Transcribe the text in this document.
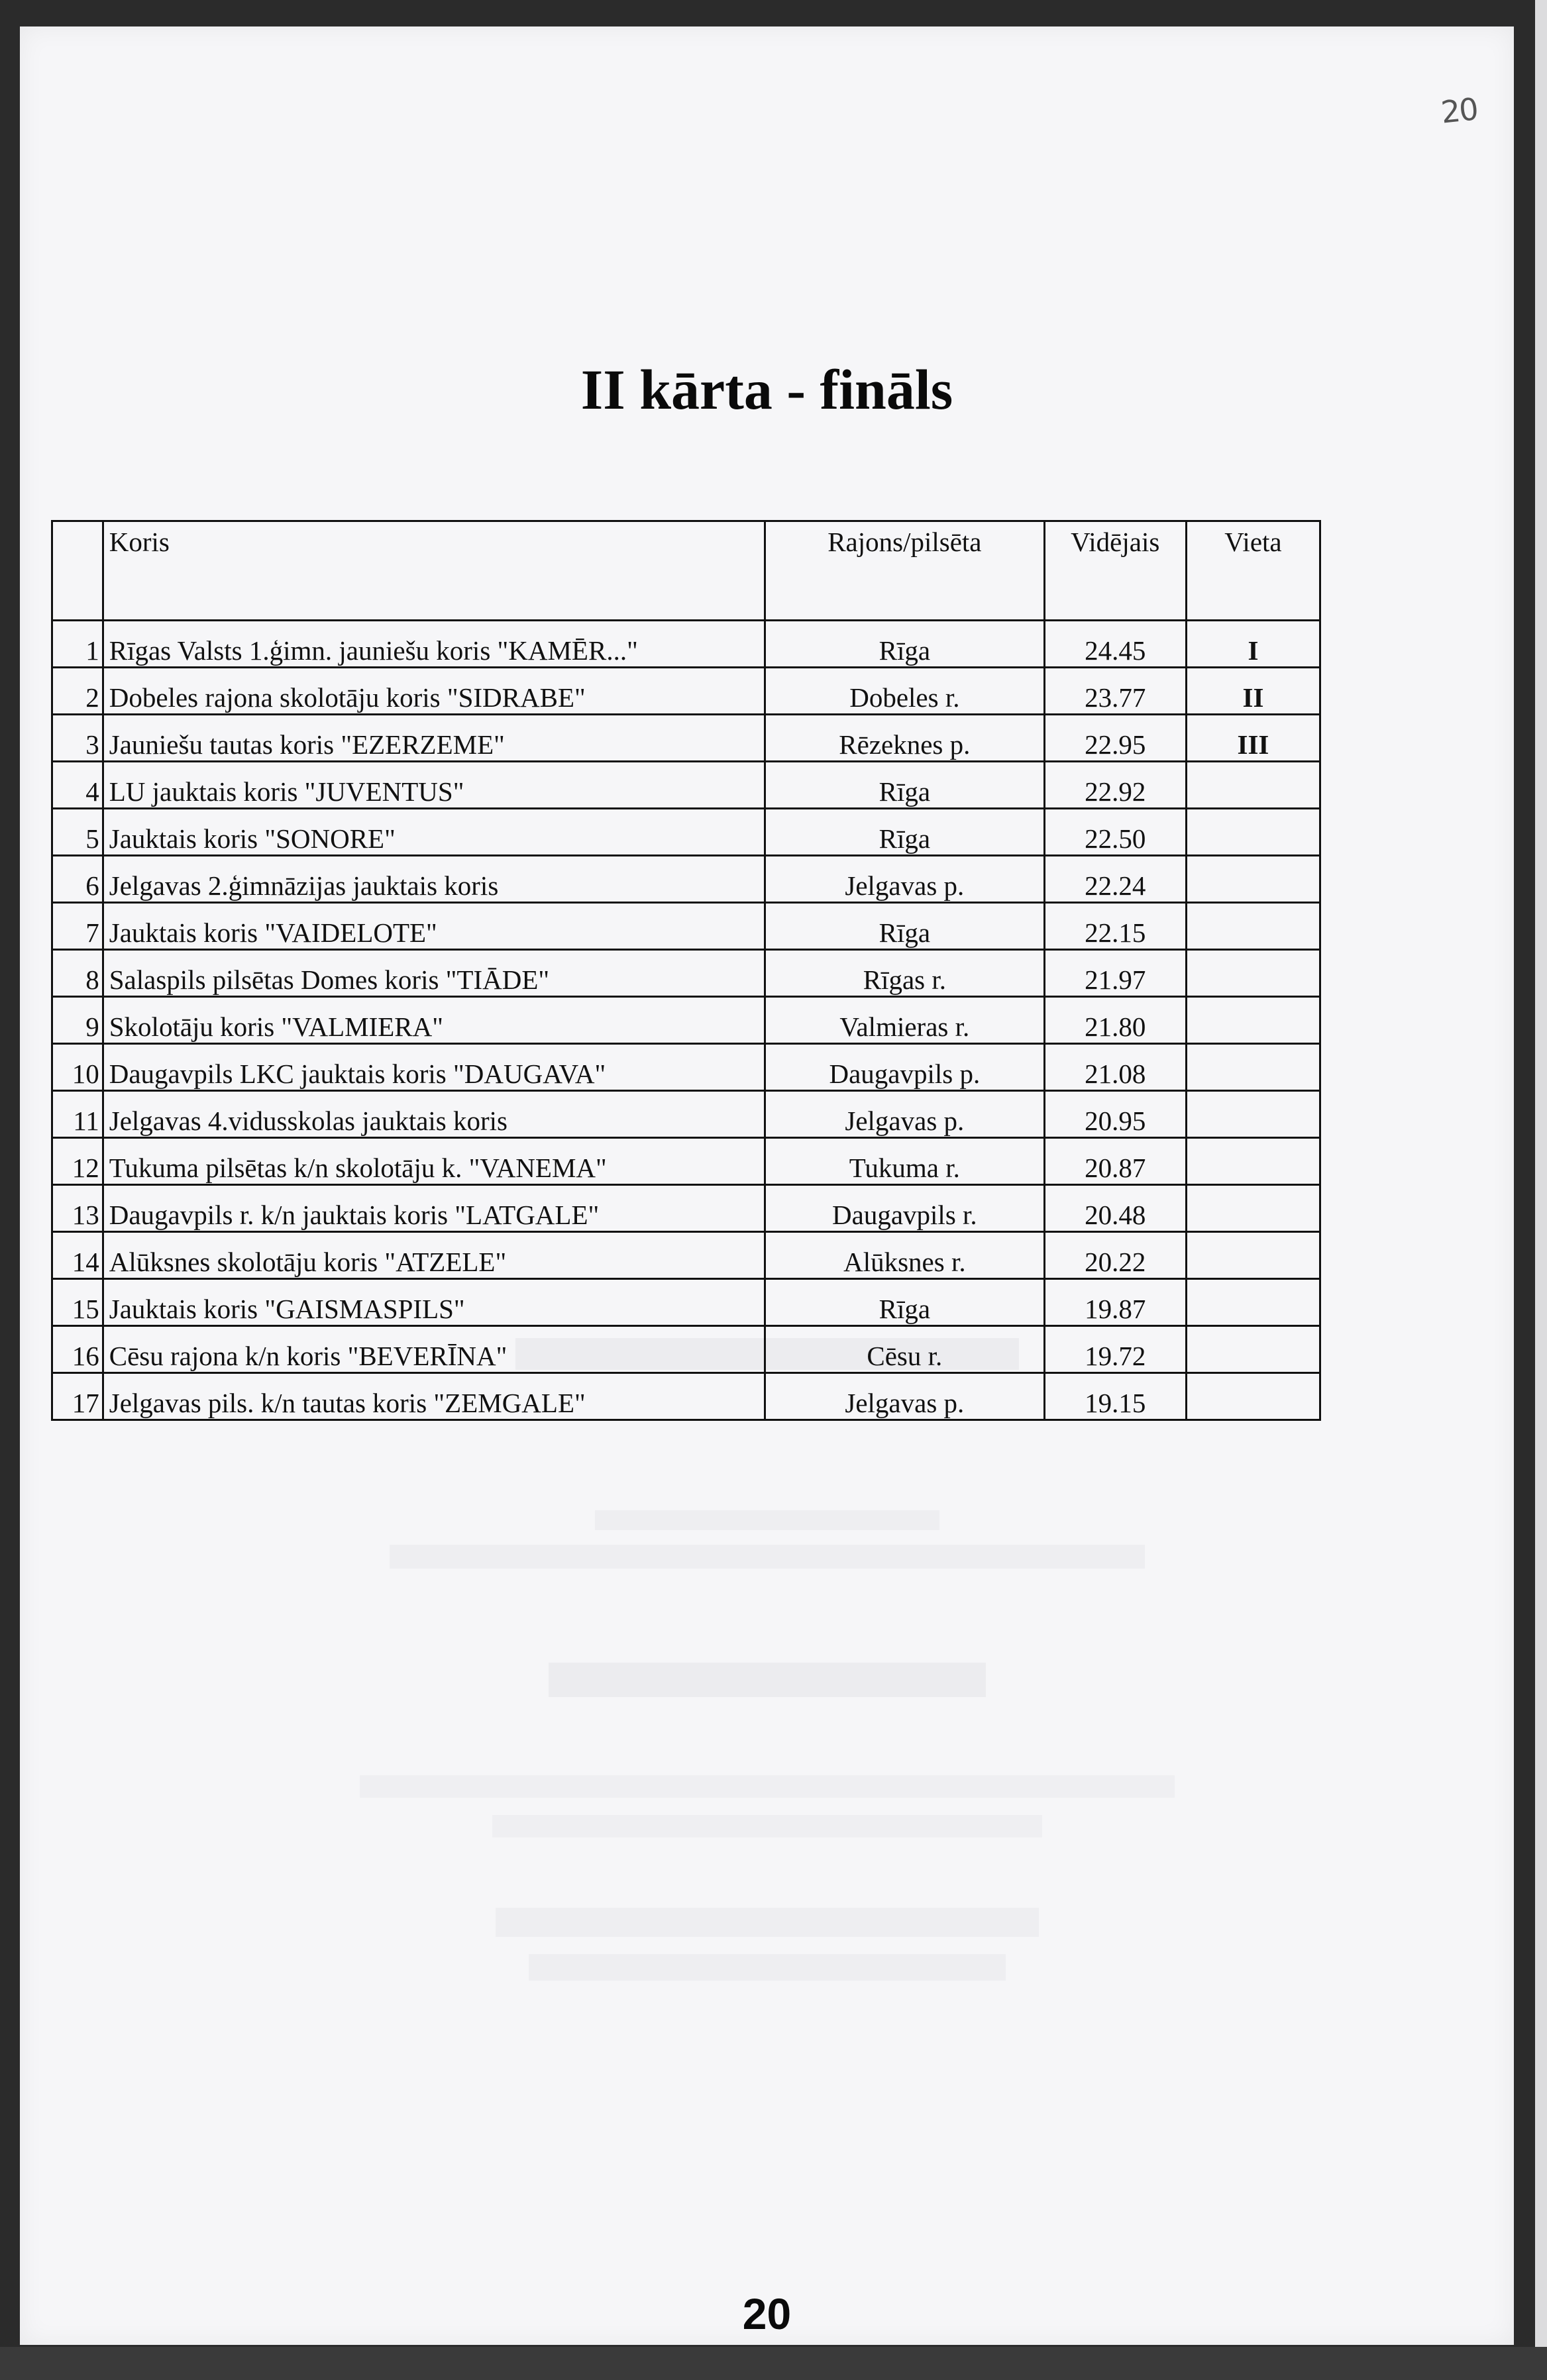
20
II kārta - fināls
	Koris	Rajons/pilsēta	Vidējais	Vieta
1	Rīgas Valsts 1.ģimn. jauniešu koris "KAMĒR..."	Rīga	24.45	I
2	Dobeles rajona skolotāju koris "SIDRABE"	Dobeles r.	23.77	II
3	Jauniešu tautas koris "EZERZEME"	Rēzeknes p.	22.95	III
4	LU jauktais koris "JUVENTUS"	Rīga	22.92	
5	Jauktais koris "SONORE"	Rīga	22.50	
6	Jelgavas 2.ģimnāzijas jauktais koris	Jelgavas p.	22.24	
7	Jauktais koris "VAIDELOTE"	Rīga	22.15	
8	Salaspils pilsētas Domes koris "TIĀDE"	Rīgas r.	21.97	
9	Skolotāju koris "VALMIERA"	Valmieras r.	21.80	
10	Daugavpils LKC jauktais koris "DAUGAVA"	Daugavpils p.	21.08	
11	Jelgavas 4.vidusskolas jauktais koris	Jelgavas p.	20.95	
12	Tukuma pilsētas k/n skolotāju k. "VANEMA"	Tukuma r.	20.87	
13	Daugavpils r. k/n jauktais koris "LATGALE"	Daugavpils r.	20.48	
14	Alūksnes skolotāju koris "ATZELE"	Alūksnes r.	20.22	
15	Jauktais koris "GAISMASPILS"	Rīga	19.87	
16	Cēsu rajona k/n koris "BEVERĪNA"	Cēsu r.	19.72	
17	Jelgavas pils. k/n tautas koris "ZEMGALE"	Jelgavas p.	19.15	
20
